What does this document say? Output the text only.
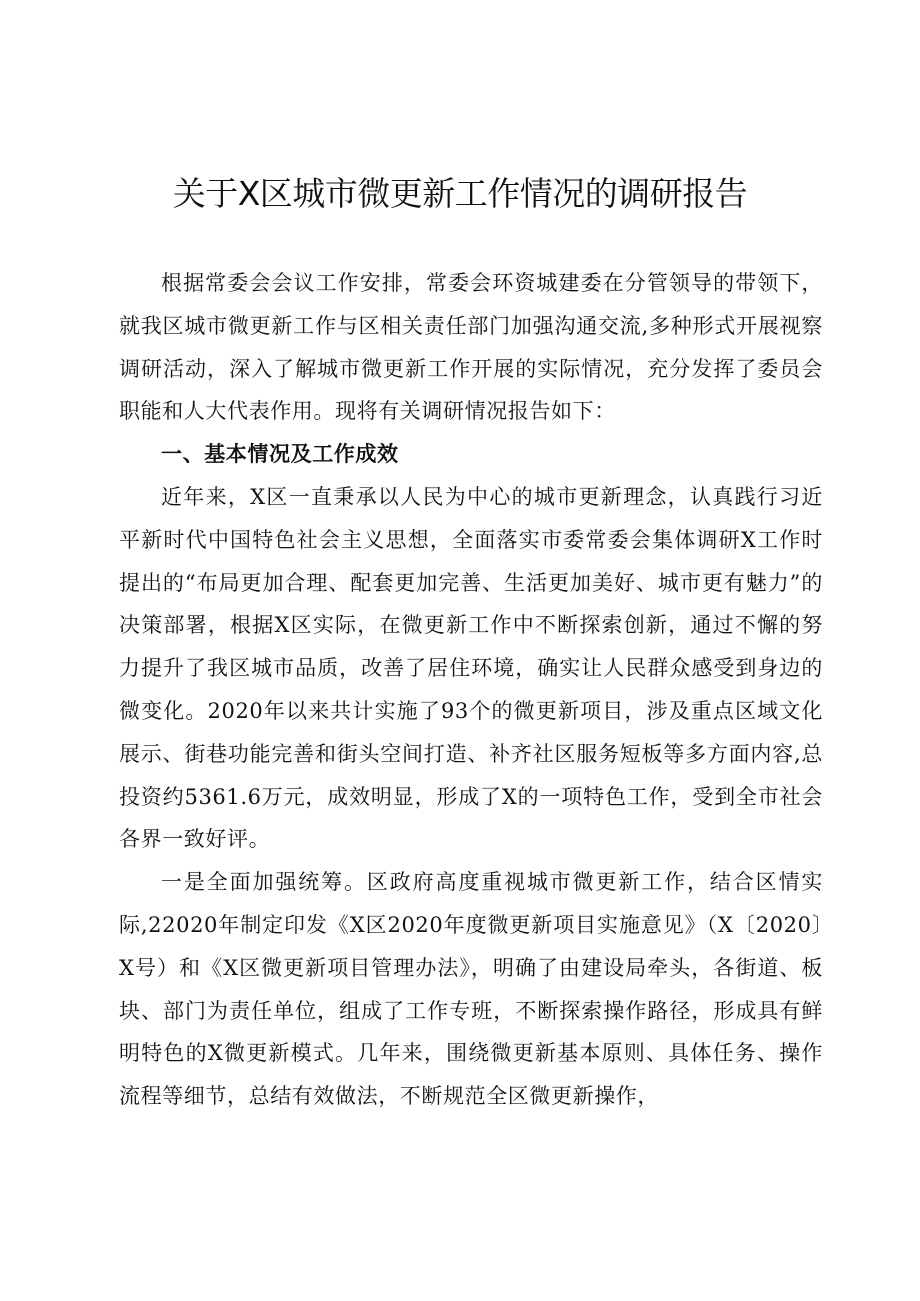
关于X区城市微更新工作情况的调研报告

根据常委会会议工作安排，常委会环资城建委在分管领导的带领下，就我区城市微更新工作与区相关责任部门加强沟通交流,多种形式开展视察调研活动，深入了解城市微更新工作开展的实际情况，充分发挥了委员会职能和人大代表作用。现将有关调研情况报告如下：

一、基本情况及工作成效

近年来，X区一直秉承以人民为中心的城市更新理念，认真践行习近平新时代中国特色社会主义思想，全面落实市委常委会集体调研X工作时提出的“布局更加合理、配套更加完善、生活更加美好、城市更有魅力”的决策部署，根据X区实际，在微更新工作中不断探索创新，通过不懈的努力提升了我区城市品质，改善了居住环境，确实让人民群众感受到身边的微变化。2020年以来共计实施了93个的微更新项目，涉及重点区域文化展示、街巷功能完善和街头空间打造、补齐社区服务短板等多方面内容,总投资约5361.6万元，成效明显，形成了X的一项特色工作，受到全市社会各界一致好评。

一是全面加强统筹。区政府高度重视城市微更新工作，结合区情实际,22020年制定印发《X区2020年度微更新项目实施意见》（X〔2020〕X号）和《X区微更新项目管理办法》，明确了由建设局牵头，各街道、板块、部门为责任单位，组成了工作专班，不断探索操作路径，形成具有鲜明特色的X微更新模式。几年来，围绕微更新基本原则、具体任务、操作流程等细节，总结有效做法，不断规范全区微更新操作，
